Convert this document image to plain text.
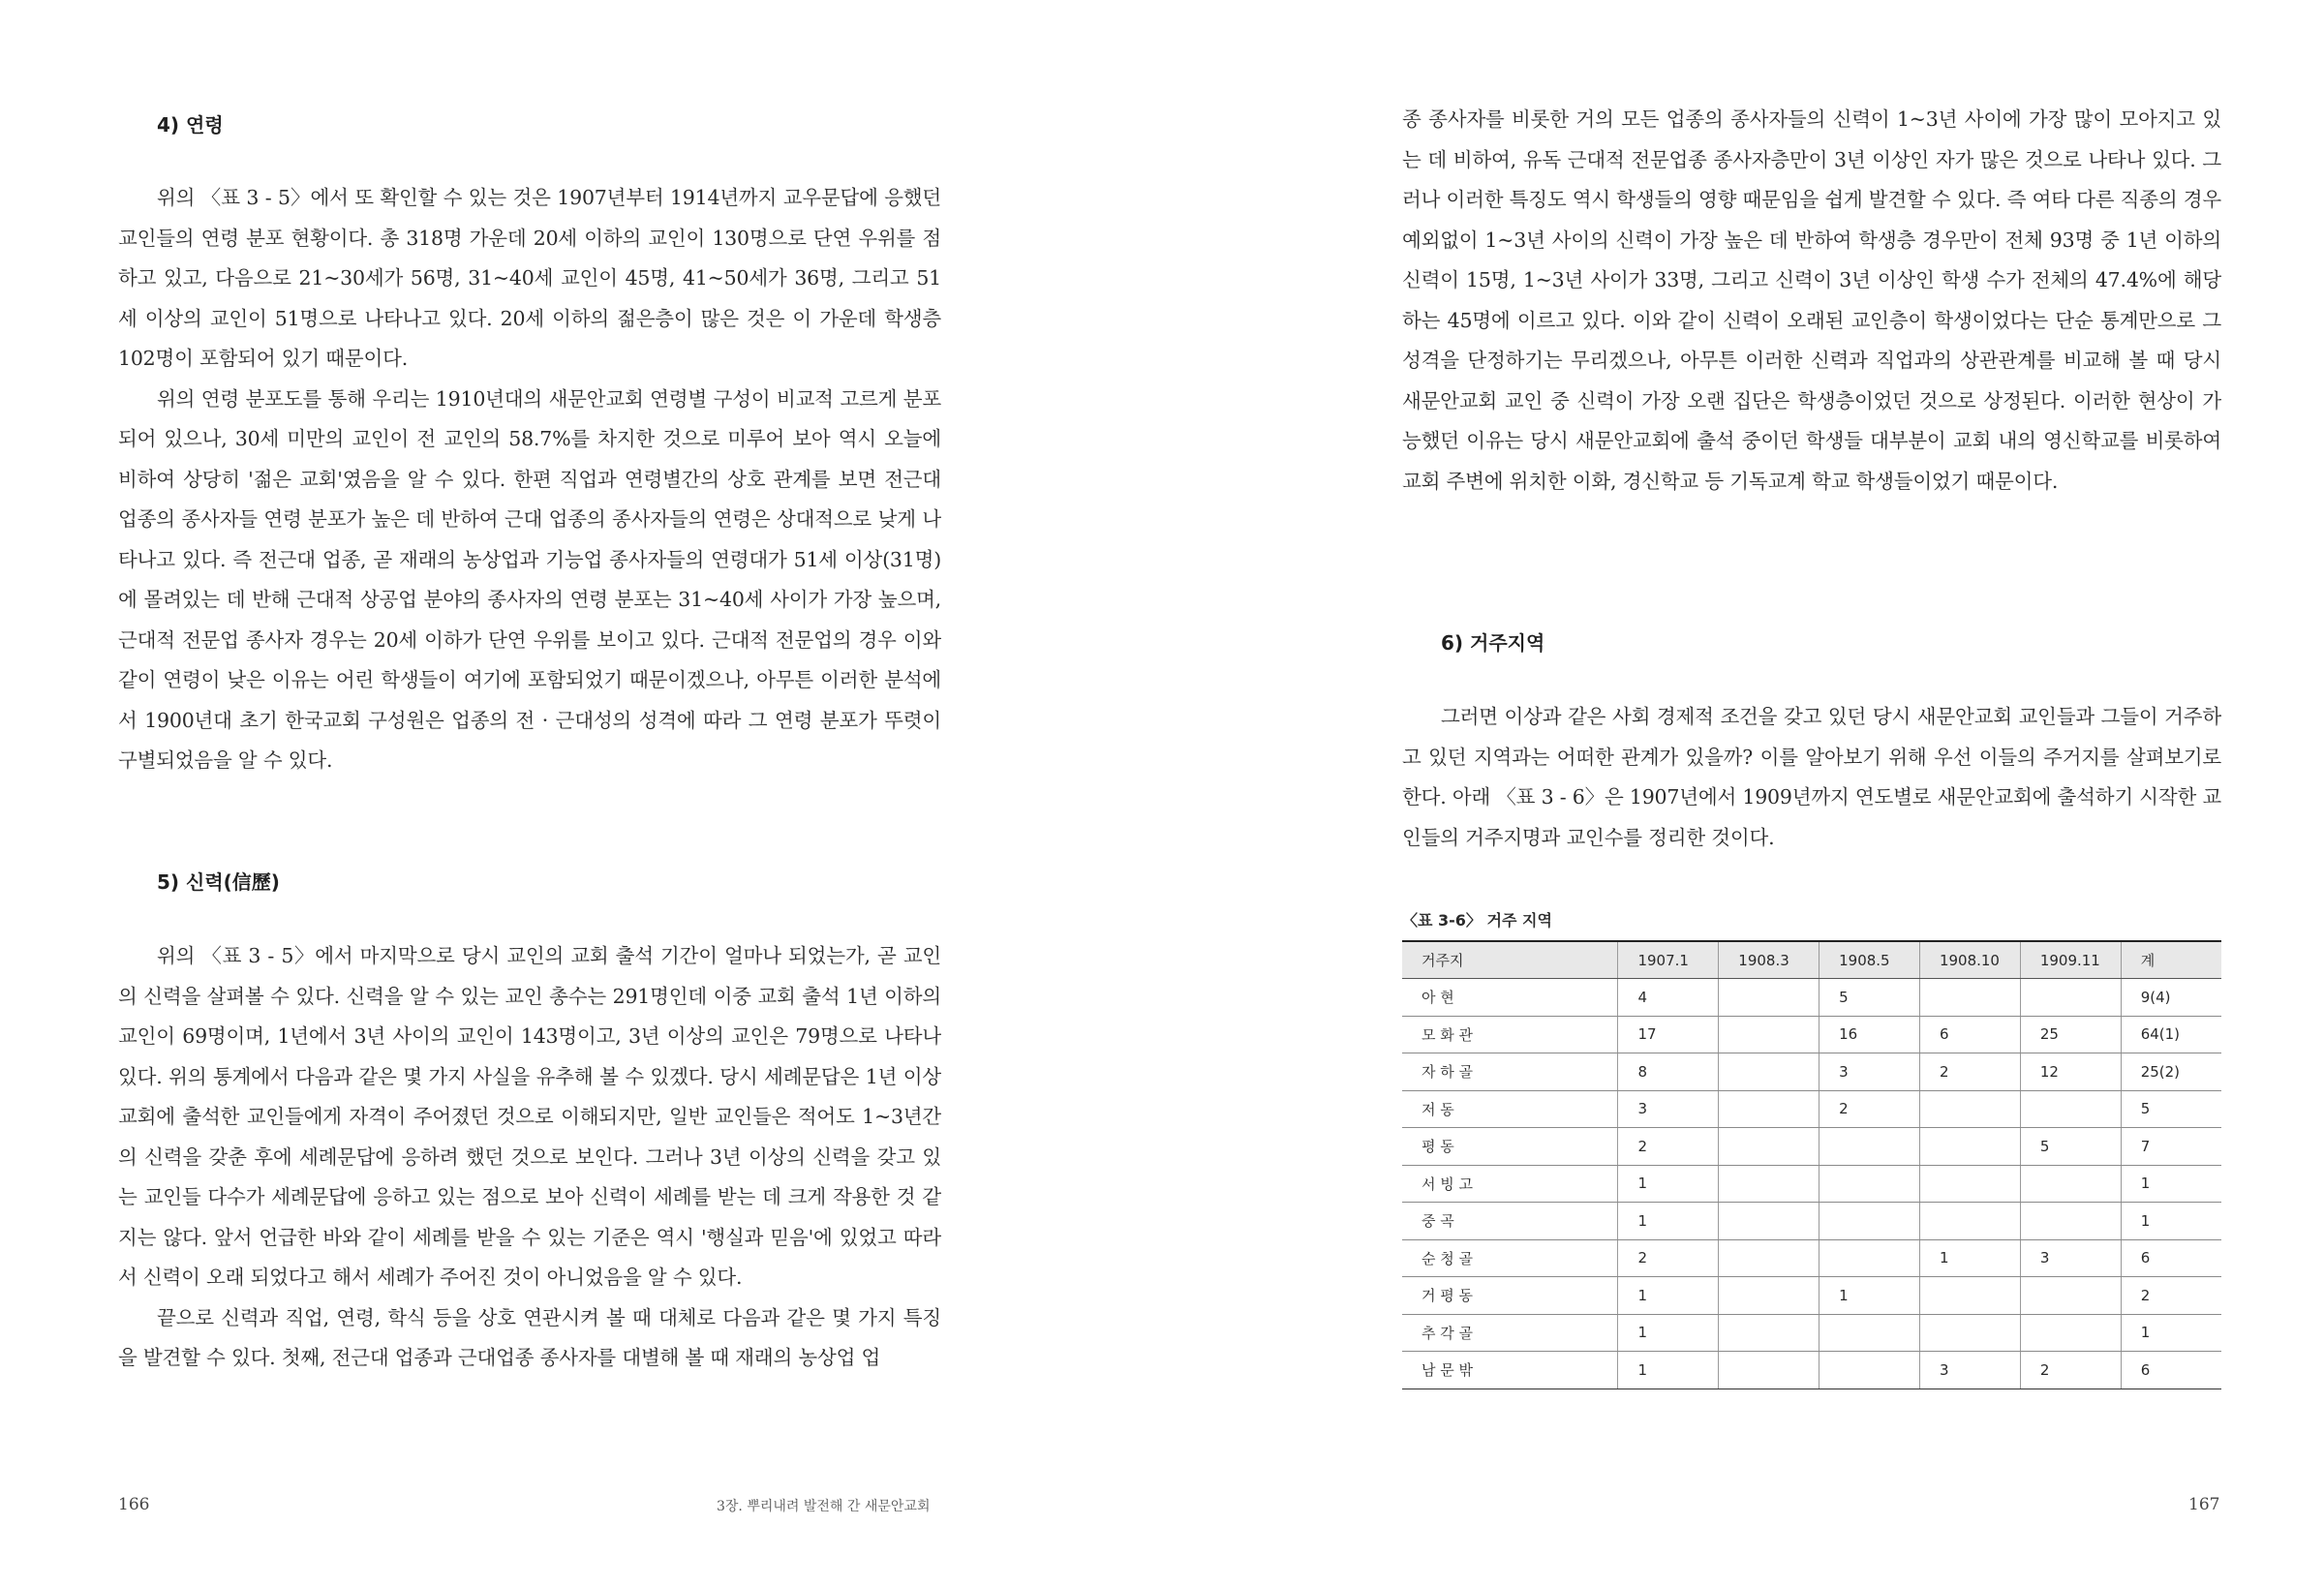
4) 연령

위의 〈표 3 - 5〉에서 또 확인할 수 있는 것은 1907년부터 1914년까지 교우문답에 응했던 교인들의 연령 분포 현황이다. 총 318명 가운데 20세 이하의 교인이 130명으로 단연 우위를 점하고 있고, 다음으로 21~30세가 56명, 31~40세 교인이 45명, 41~50세가 36명, 그리고 51세 이상의 교인이 51명으로 나타나고 있다. 20세 이하의 젊은층이 많은 것은 이 가운데 학생층 102명이 포함되어 있기 때문이다.

위의 연령 분포도를 통해 우리는 1910년대의 새문안교회 연령별 구성이 비교적 고르게 분포되어 있으나, 30세 미만의 교인이 전 교인의 58.7%를 차지한 것으로 미루어 보아 역시 오늘에 비하여 상당히 '젊은 교회'였음을 알 수 있다. 한편 직업과 연령별간의 상호 관계를 보면 전근대 업종의 종사자들 연령 분포가 높은 데 반하여 근대 업종의 종사자들의 연령은 상대적으로 낮게 나타나고 있다. 즉 전근대 업종, 곧 재래의 농상업과 기능업 종사자들의 연령대가 51세 이상(31명)에 몰려있는 데 반해 근대적 상공업 분야의 종사자의 연령 분포는 31~40세 사이가 가장 높으며, 근대적 전문업 종사자 경우는 20세 이하가 단연 우위를 보이고 있다. 근대적 전문업의 경우 이와 같이 연령이 낮은 이유는 어린 학생들이 여기에 포함되었기 때문이겠으나, 아무튼 이러한 분석에서 1900년대 초기 한국교회 구성원은 업종의 전 · 근대성의 성격에 따라 그 연령 분포가 뚜렷이 구별되었음을 알 수 있다.

5) 신력(信歷)

위의 〈표 3 - 5〉에서 마지막으로 당시 교인의 교회 출석 기간이 얼마나 되었는가, 곧 교인의 신력을 살펴볼 수 있다. 신력을 알 수 있는 교인 총수는 291명인데 이중 교회 출석 1년 이하의 교인이 69명이며, 1년에서 3년 사이의 교인이 143명이고, 3년 이상의 교인은 79명으로 나타나 있다. 위의 통계에서 다음과 같은 몇 가지 사실을 유추해 볼 수 있겠다. 당시 세례문답은 1년 이상 교회에 출석한 교인들에게 자격이 주어졌던 것으로 이해되지만, 일반 교인들은 적어도 1~3년간의 신력을 갖춘 후에 세례문답에 응하려 했던 것으로 보인다. 그러나 3년 이상의 신력을 갖고 있는 교인들 다수가 세례문답에 응하고 있는 점으로 보아 신력이 세례를 받는 데 크게 작용한 것 같지는 않다. 앞서 언급한 바와 같이 세례를 받을 수 있는 기준은 역시 '행실과 믿음'에 있었고 따라서 신력이 오래 되었다고 해서 세례가 주어진 것이 아니었음을 알 수 있다.

끝으로 신력과 직업, 연령, 학식 등을 상호 연관시켜 볼 때 대체로 다음과 같은 몇 가지 특징을 발견할 수 있다. 첫째, 전근대 업종과 근대업종 종사자를 대별해 볼 때 재래의 농상업 업

166	3장. 뿌리내려 발전해 간 새문안교회

종 종사자를 비롯한 거의 모든 업종의 종사자들의 신력이 1~3년 사이에 가장 많이 모아지고 있는 데 비하여, 유독 근대적 전문업종 종사자층만이 3년 이상인 자가 많은 것으로 나타나 있다. 그러나 이러한 특징도 역시 학생들의 영향 때문임을 쉽게 발견할 수 있다. 즉 여타 다른 직종의 경우 예외없이 1~3년 사이의 신력이 가장 높은 데 반하여 학생층 경우만이 전체 93명 중 1년 이하의 신력이 15명, 1~3년 사이가 33명, 그리고 신력이 3년 이상인 학생 수가 전체의 47.4%에 해당하는 45명에 이르고 있다. 이와 같이 신력이 오래된 교인층이 학생이었다는 단순 통계만으로 그 성격을 단정하기는 무리겠으나, 아무튼 이러한 신력과 직업과의 상관관계를 비교해 볼 때 당시 새문안교회 교인 중 신력이 가장 오랜 집단은 학생층이었던 것으로 상정된다. 이러한 현상이 가능했던 이유는 당시 새문안교회에 출석 중이던 학생들 대부분이 교회 내의 영신학교를 비롯하여 교회 주변에 위치한 이화, 경신학교 등 기독교계 학교 학생들이었기 때문이다.

6) 거주지역

그러면 이상과 같은 사회 경제적 조건을 갖고 있던 당시 새문안교회 교인들과 그들이 거주하고 있던 지역과는 어떠한 관계가 있을까? 이를 알아보기 위해 우선 이들의 주거지를 살펴보기로 한다. 아래 〈표 3 - 6〉은 1907년에서 1909년까지 연도별로 새문안교회에 출석하기 시작한 교인들의 거주지명과 교인수를 정리한 것이다.

〈표 3-6〉 거주 지역
거주지	1907.1	1908.3	1908.5	1908.10	1909.11	계
아 현	4		5			9(4)
모 화 관	17		16	6	25	64(1)
자 하 골	8		3	2	12	25(2)
저 동	3		2			5
평 동	2				5	7
서 빙 고	1					1
중 곡	1					1
순 청 골	2			1	3	6
거 평 동	1		1			2
추 각 골	1					1
남 문 밖	1			3	2	6
167
